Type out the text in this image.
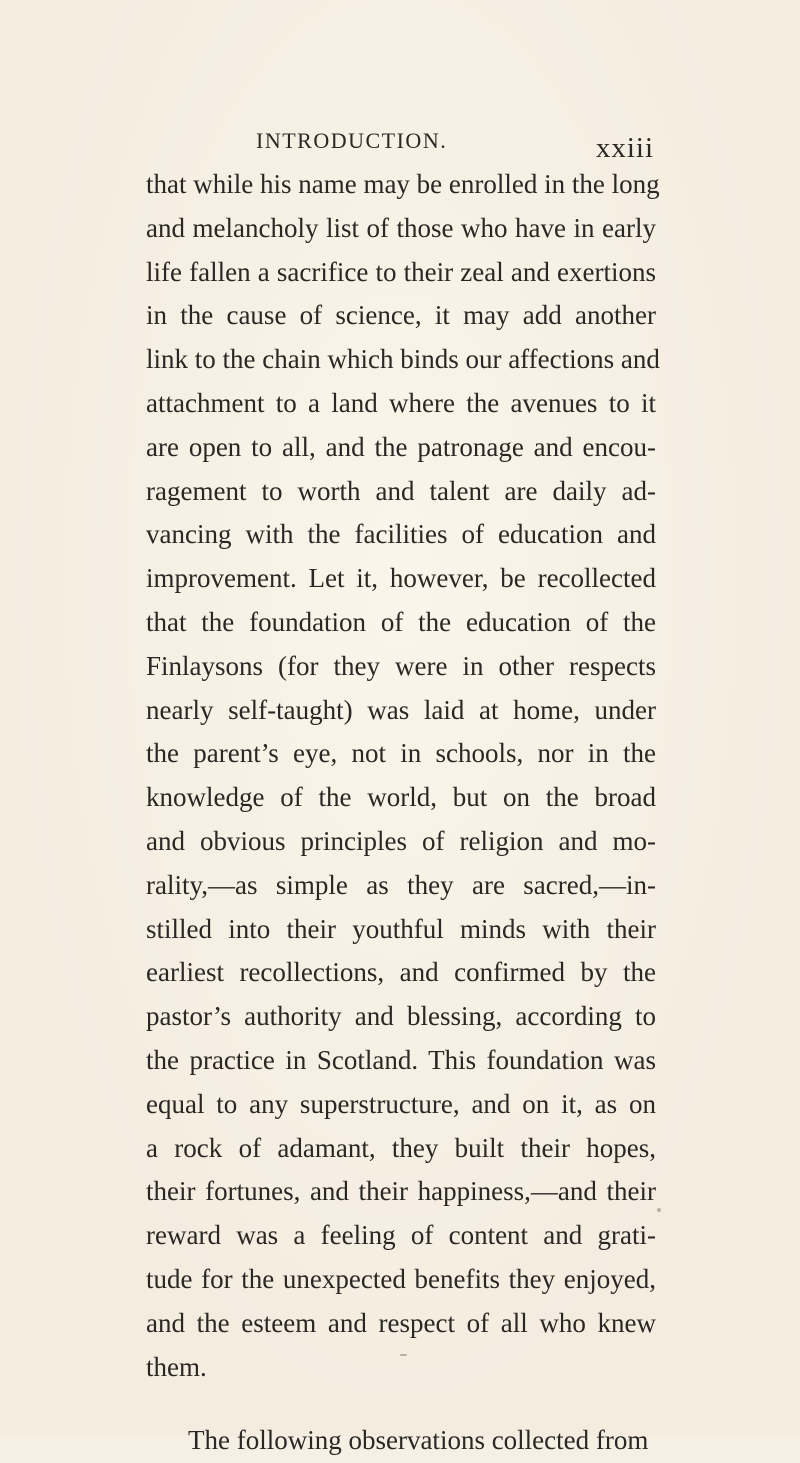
INTRODUCTION.	xxiii
that while his name may be enrolled in the long
and melancholy list of those who have in early
life fallen a sacrifice to their zeal and exertions
in the cause of science, it may add another
link to the chain which binds our affections and
attachment to a land where the avenues to it
are open to all, and the patronage and encou-
ragement to worth and talent are daily ad-
vancing with the facilities of education and
improvement. Let it, however, be recollected
that the foundation of the education of the
Finlaysons (for they were in other respects
nearly self-taught) was laid at home, under
the parent’s eye, not in schools, nor in the
knowledge of the world, but on the broad
and obvious principles of religion and mo-
rality,—as simple as they are sacred,—in-
stilled into their youthful minds with their
earliest recollections, and confirmed by the
pastor’s authority and blessing, according to
the practice in Scotland. This foundation was
equal to any superstructure, and on it, as on
a rock of adamant, they built their hopes,
their fortunes, and their happiness,—and their
reward was a feeling of content and grati-
tude for the unexpected benefits they enjoyed,
and the esteem and respect of all who knew
them.
The following observations collected from
